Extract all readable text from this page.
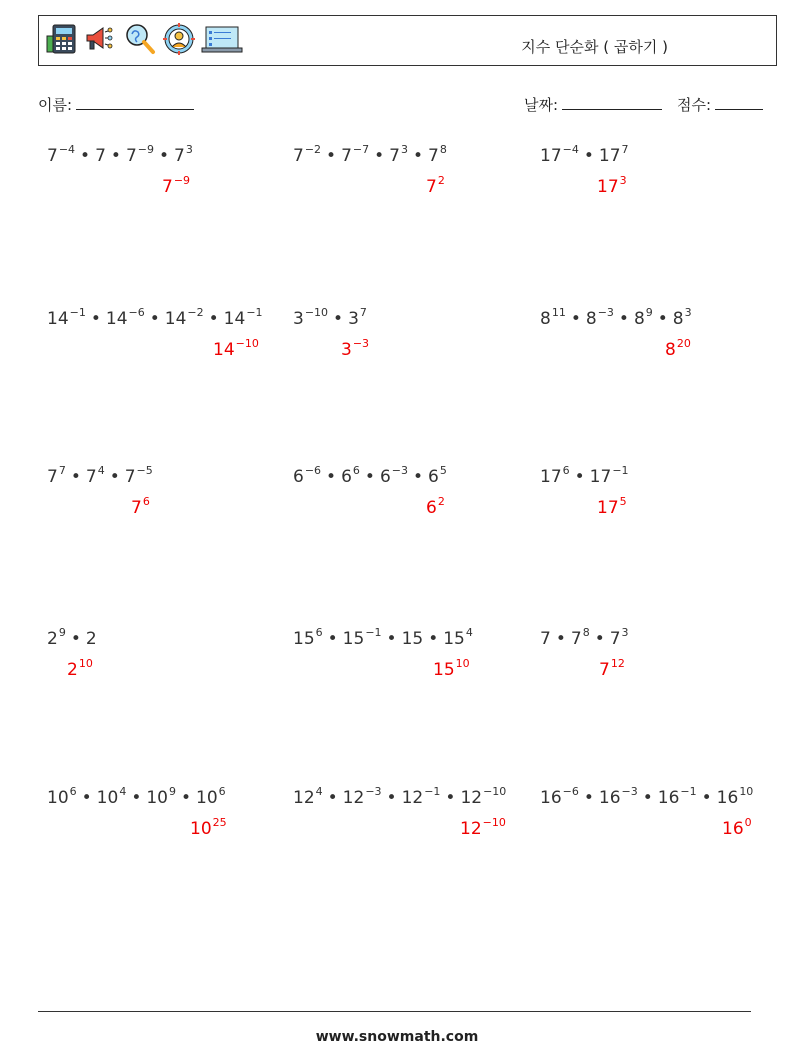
지수 단순화 ( 곱하기 )
이름:	날짜:	점수:
$7^{-4}$ • 7 • $7^{-9}$ • $7^3$
$7^{-9}$
$7^{-2}$ • $7^{-7}$ • $7^3$ • $7^8$
$7^2$
$17^{-4}$ • $17^7$
$17^3$
$14^{-1}$ • $14^{-6}$ • $14^{-2}$ • $14^{-1}$
$14^{-10}$
$3^{-10}$ • $3^7$
$3^{-3}$
$8^{11}$ • $8^{-3}$ • $8^9$ • $8^3$
$8^{20}$
$7^7$ • $7^4$ • $7^{-5}$
$7^6$
$6^{-6}$ • $6^6$ • $6^{-3}$ • $6^5$
$6^2$
$17^6$ • $17^{-1}$
$17^5$
$2^9$ • 2
$2^{10}$
$15^6$ • $15^{-1}$ • 15 • $15^4$
$15^{10}$
7 • $7^8$ • $7^3$
$7^{12}$
$10^6$ • $10^4$ • $10^9$ • $10^6$
$10^{25}$
$12^4$ • $12^{-3}$ • $12^{-1}$ • $12^{-10}$
$12^{-10}$
$16^{-6}$ • $16^{-3}$ • $16^{-1}$ • $16^{10}$
$16^0$
www.snowmath.com
